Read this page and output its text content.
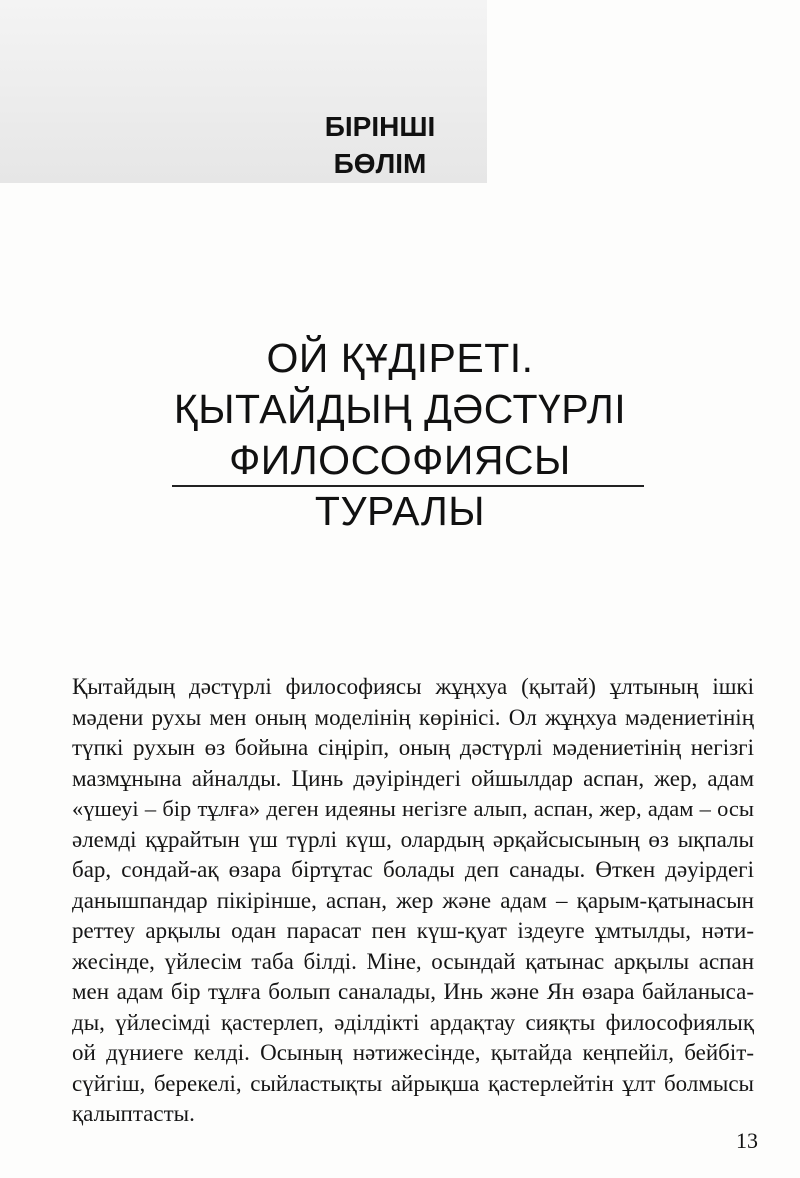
БІРІНШІ
БӨЛІМ
ОЙ ҚҰДІРЕТІ.
ҚЫТАЙДЫҢ ДӘСТҮРЛІ
ФИЛОСОФИЯСЫ ТУРАЛЫ
Қытайдың дәстүрлі философиясы жұңхуа (қытай) ұлтының ішкі
мәдени рухы мен оның моделінің көрінісі. Ол жұңхуа мәдениетінің
түпкі рухын өз бойына сіңіріп, оның дәстүрлі мәдениетінің негізгі
мазмұнына айналды. Цинь дәуіріндегі ойшылдар аспан, жер, адам
«үшеуі – бір тұлға» деген идеяны негізге алып, аспан, жер, адам – осы
әлемді құрайтын үш түрлі күш, олардың әрқайсысының өз ықпалы
бар, сондай-ақ өзара біртұтас болады деп санады. Өткен дәуірдегі
данышпандар пікірінше, аспан, жер және адам – қарым-қатынасын
реттеу арқылы одан парасат пен күш-қуат іздеуге ұмтылды, нәти-
жесінде, үйлесім таба білді. Міне, осындай қатынас арқылы аспан
мен адам бір тұлға болып саналады, Инь және Ян өзара байланыса-
ды, үйлесімді қастерлеп, әділдікті ардақтау сияқты философиялық
ой дүниеге келді. Осының нәтижесінде, қытайда кеңпейіл, бейбіт-
сүйгіш, берекелі, сыйластықты айрықша қастерлейтін ұлт болмысы
қалыптасты.
13
